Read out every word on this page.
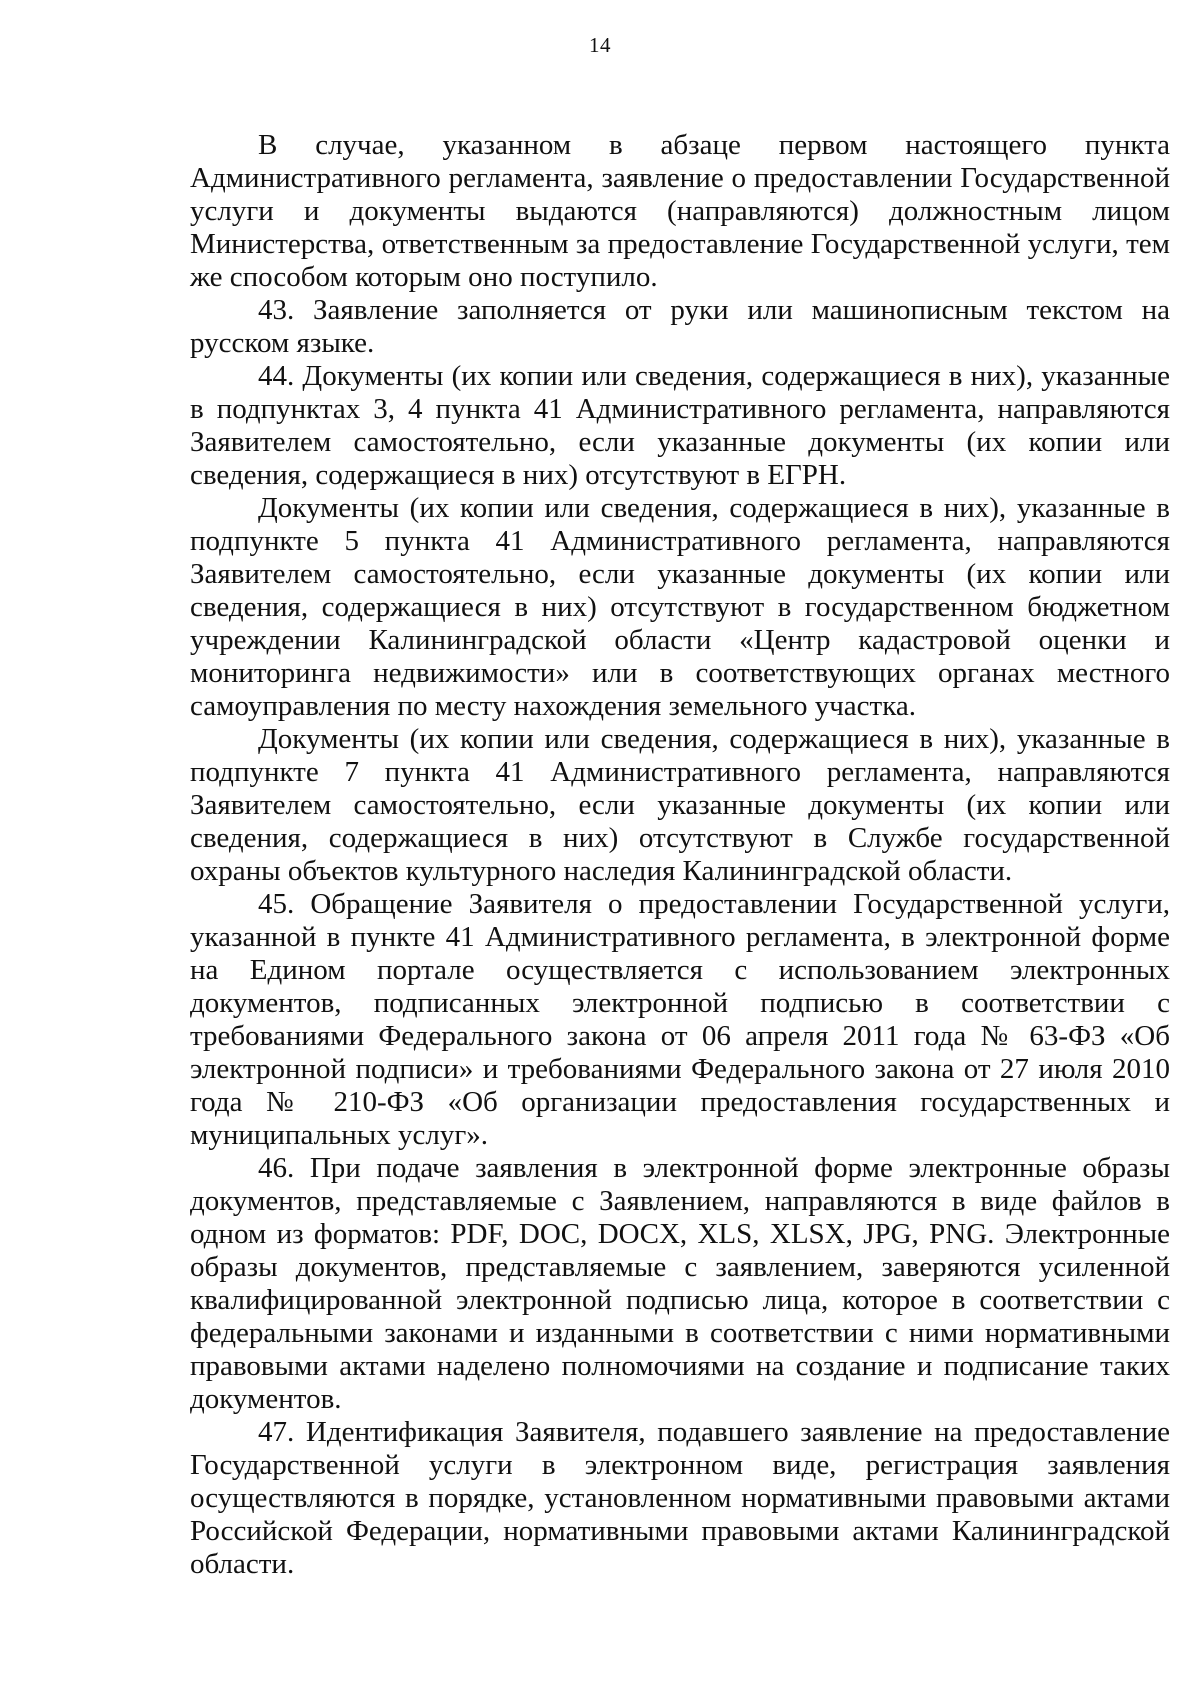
14

В случае, указанном в абзаце первом настоящего пункта Административного регламента, заявление о предоставлении Государственной услуги и документы выдаются (направляются) должностным лицом Министерства, ответственным за предоставление Государственной услуги, тем же способом которым оно поступило.

43. Заявление заполняется от руки или машинописным текстом на русском языке.

44. Документы (их копии или сведения, содержащиеся в них), указанные в подпунктах 3, 4 пункта 41 Административного регламента, направляются Заявителем самостоятельно, если указанные документы (их копии или сведения, содержащиеся в них) отсутствуют в ЕГРН.

Документы (их копии или сведения, содержащиеся в них), указанные в подпункте 5 пункта 41 Административного регламента, направляются Заявителем самостоятельно, если указанные документы (их копии или сведения, содержащиеся в них) отсутствуют в государственном бюджетном учреждении Калининградской области «Центр кадастровой оценки и мониторинга недвижимости» или в соответствующих органах местного самоуправления по месту нахождения земельного участка.

Документы (их копии или сведения, содержащиеся в них), указанные в подпункте 7 пункта 41 Административного регламента, направляются Заявителем самостоятельно, если указанные документы (их копии или сведения, содержащиеся в них) отсутствуют в Службе государственной охраны объектов культурного наследия Калининградской области.

45. Обращение Заявителя о предоставлении Государственной услуги, указанной в пункте 41 Административного регламента, в электронной форме на Едином портале осуществляется с использованием электронных документов, подписанных электронной подписью в соответствии с требованиями Федерального закона от 06 апреля 2011 года № 63-ФЗ «Об электронной подписи» и требованиями Федерального закона от 27 июля 2010 года № 210-ФЗ «Об организации предоставления государственных и муниципальных услуг».

46. При подаче заявления в электронной форме электронные образы документов, представляемые с Заявлением, направляются в виде файлов в одном из форматов: PDF, DOC, DOCX, XLS, XLSX, JPG, PNG. Электронные образы документов, представляемые с заявлением, заверяются усиленной квалифицированной электронной подписью лица, которое в соответствии с федеральными законами и изданными в соответствии с ними нормативными правовыми актами наделено полномочиями на создание и подписание таких документов.

47. Идентификация Заявителя, подавшего заявление на предоставление Государственной услуги в электронном виде, регистрация заявления осуществляются в порядке, установленном нормативными правовыми актами Российской Федерации, нормативными правовыми актами Калининградской области.
